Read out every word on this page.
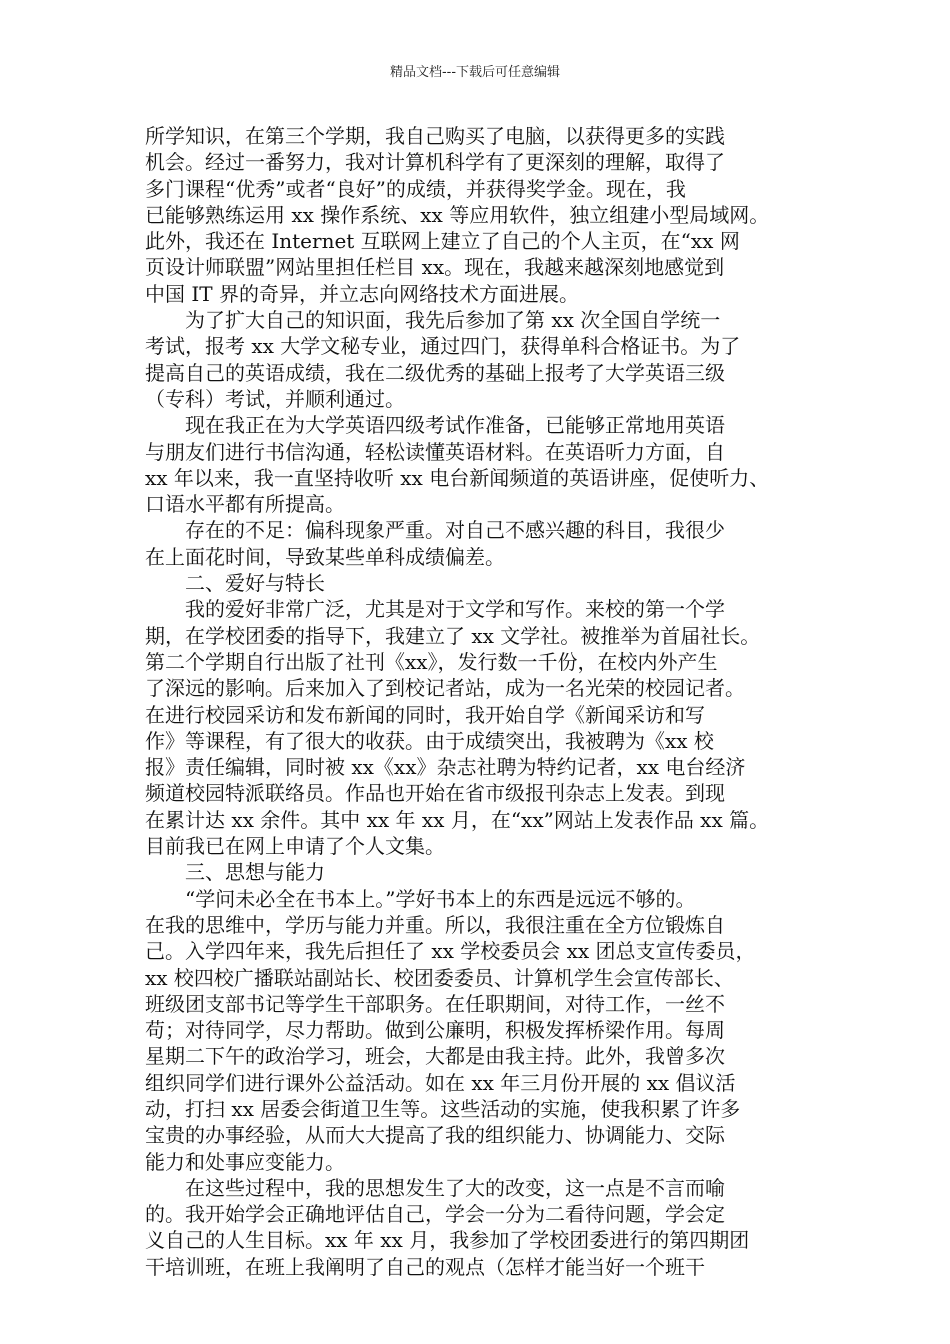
精品文档---下载后可任意编辑
所学知识，在第三个学期，我自己购买了电脑，以获得更多的实践
机会。经过一番努力，我对计算机科学有了更深刻的理解，取得了
多门课程“优秀”或者“良好”的成绩，并获得奖学金。现在，我
已能够熟练运用 xx 操作系统、xx 等应用软件，独立组建小型局域网。
此外，我还在 Internet 互联网上建立了自己的个人主页，在“xx 网
页设计师联盟”网站里担任栏目 xx。现在，我越来越深刻地感觉到
中国 IT 界的奇异，并立志向网络技术方面进展。
　　为了扩大自己的知识面，我先后参加了第 xx 次全国自学统一
考试，报考 xx 大学文秘专业，通过四门，获得单科合格证书。为了
提高自己的英语成绩，我在二级优秀的基础上报考了大学英语三级
（专科）考试，并顺利通过。
　　现在我正在为大学英语四级考试作准备，已能够正常地用英语
与朋友们进行书信沟通，轻松读懂英语材料。在英语听力方面，自
xx 年以来，我一直坚持收听 xx 电台新闻频道的英语讲座，促使听力、
口语水平都有所提高。
　　存在的不足：偏科现象严重。对自己不感兴趣的科目，我很少
在上面花时间，导致某些单科成绩偏差。
　　二、爱好与特长
　　我的爱好非常广泛，尤其是对于文学和写作。来校的第一个学
期，在学校团委的指导下，我建立了 xx 文学社。被推举为首届社长。
第二个学期自行出版了社刊《xx》，发行数一千份，在校内外产生
了深远的影响。后来加入了到校记者站，成为一名光荣的校园记者。
在进行校园采访和发布新闻的同时，我开始自学《新闻采访和写
作》等课程，有了很大的收获。由于成绩突出，我被聘为《xx 校
报》责任编辑，同时被 xx《xx》杂志社聘为特约记者，xx 电台经济
频道校园特派联络员。作品也开始在省市级报刊杂志上发表。到现
在累计达 xx 余件。其中 xx 年 xx 月，在“xx”网站上发表作品 xx 篇。
目前我已在网上申请了个人文集。
　　三、思想与能力
　　“学问未必全在书本上。”学好书本上的东西是远远不够的。
在我的思维中，学历与能力并重。所以，我很注重在全方位锻炼自
己。入学四年来，我先后担任了 xx 学校委员会 xx 团总支宣传委员，
xx 校四校广播联站副站长、校团委委员、计算机学生会宣传部长、
班级团支部书记等学生干部职务。在任职期间，对待工作，一丝不
苟；对待同学，尽力帮助。做到公廉明，积极发挥桥梁作用。每周
星期二下午的政治学习，班会，大都是由我主持。此外，我曾多次
组织同学们进行课外公益活动。如在 xx 年三月份开展的 xx 倡议活
动，打扫 xx 居委会街道卫生等。这些活动的实施，使我积累了许多
宝贵的办事经验，从而大大提高了我的组织能力、协调能力、交际
能力和处事应变能力。
　　在这些过程中，我的思想发生了大的改变，这一点是不言而喻
的。我开始学会正确地评估自己，学会一分为二看待问题，学会定
义自己的人生目标。xx 年 xx 月，我参加了学校团委进行的第四期团
干培训班，在班上我阐明了自己的观点（怎样才能当好一个班干
